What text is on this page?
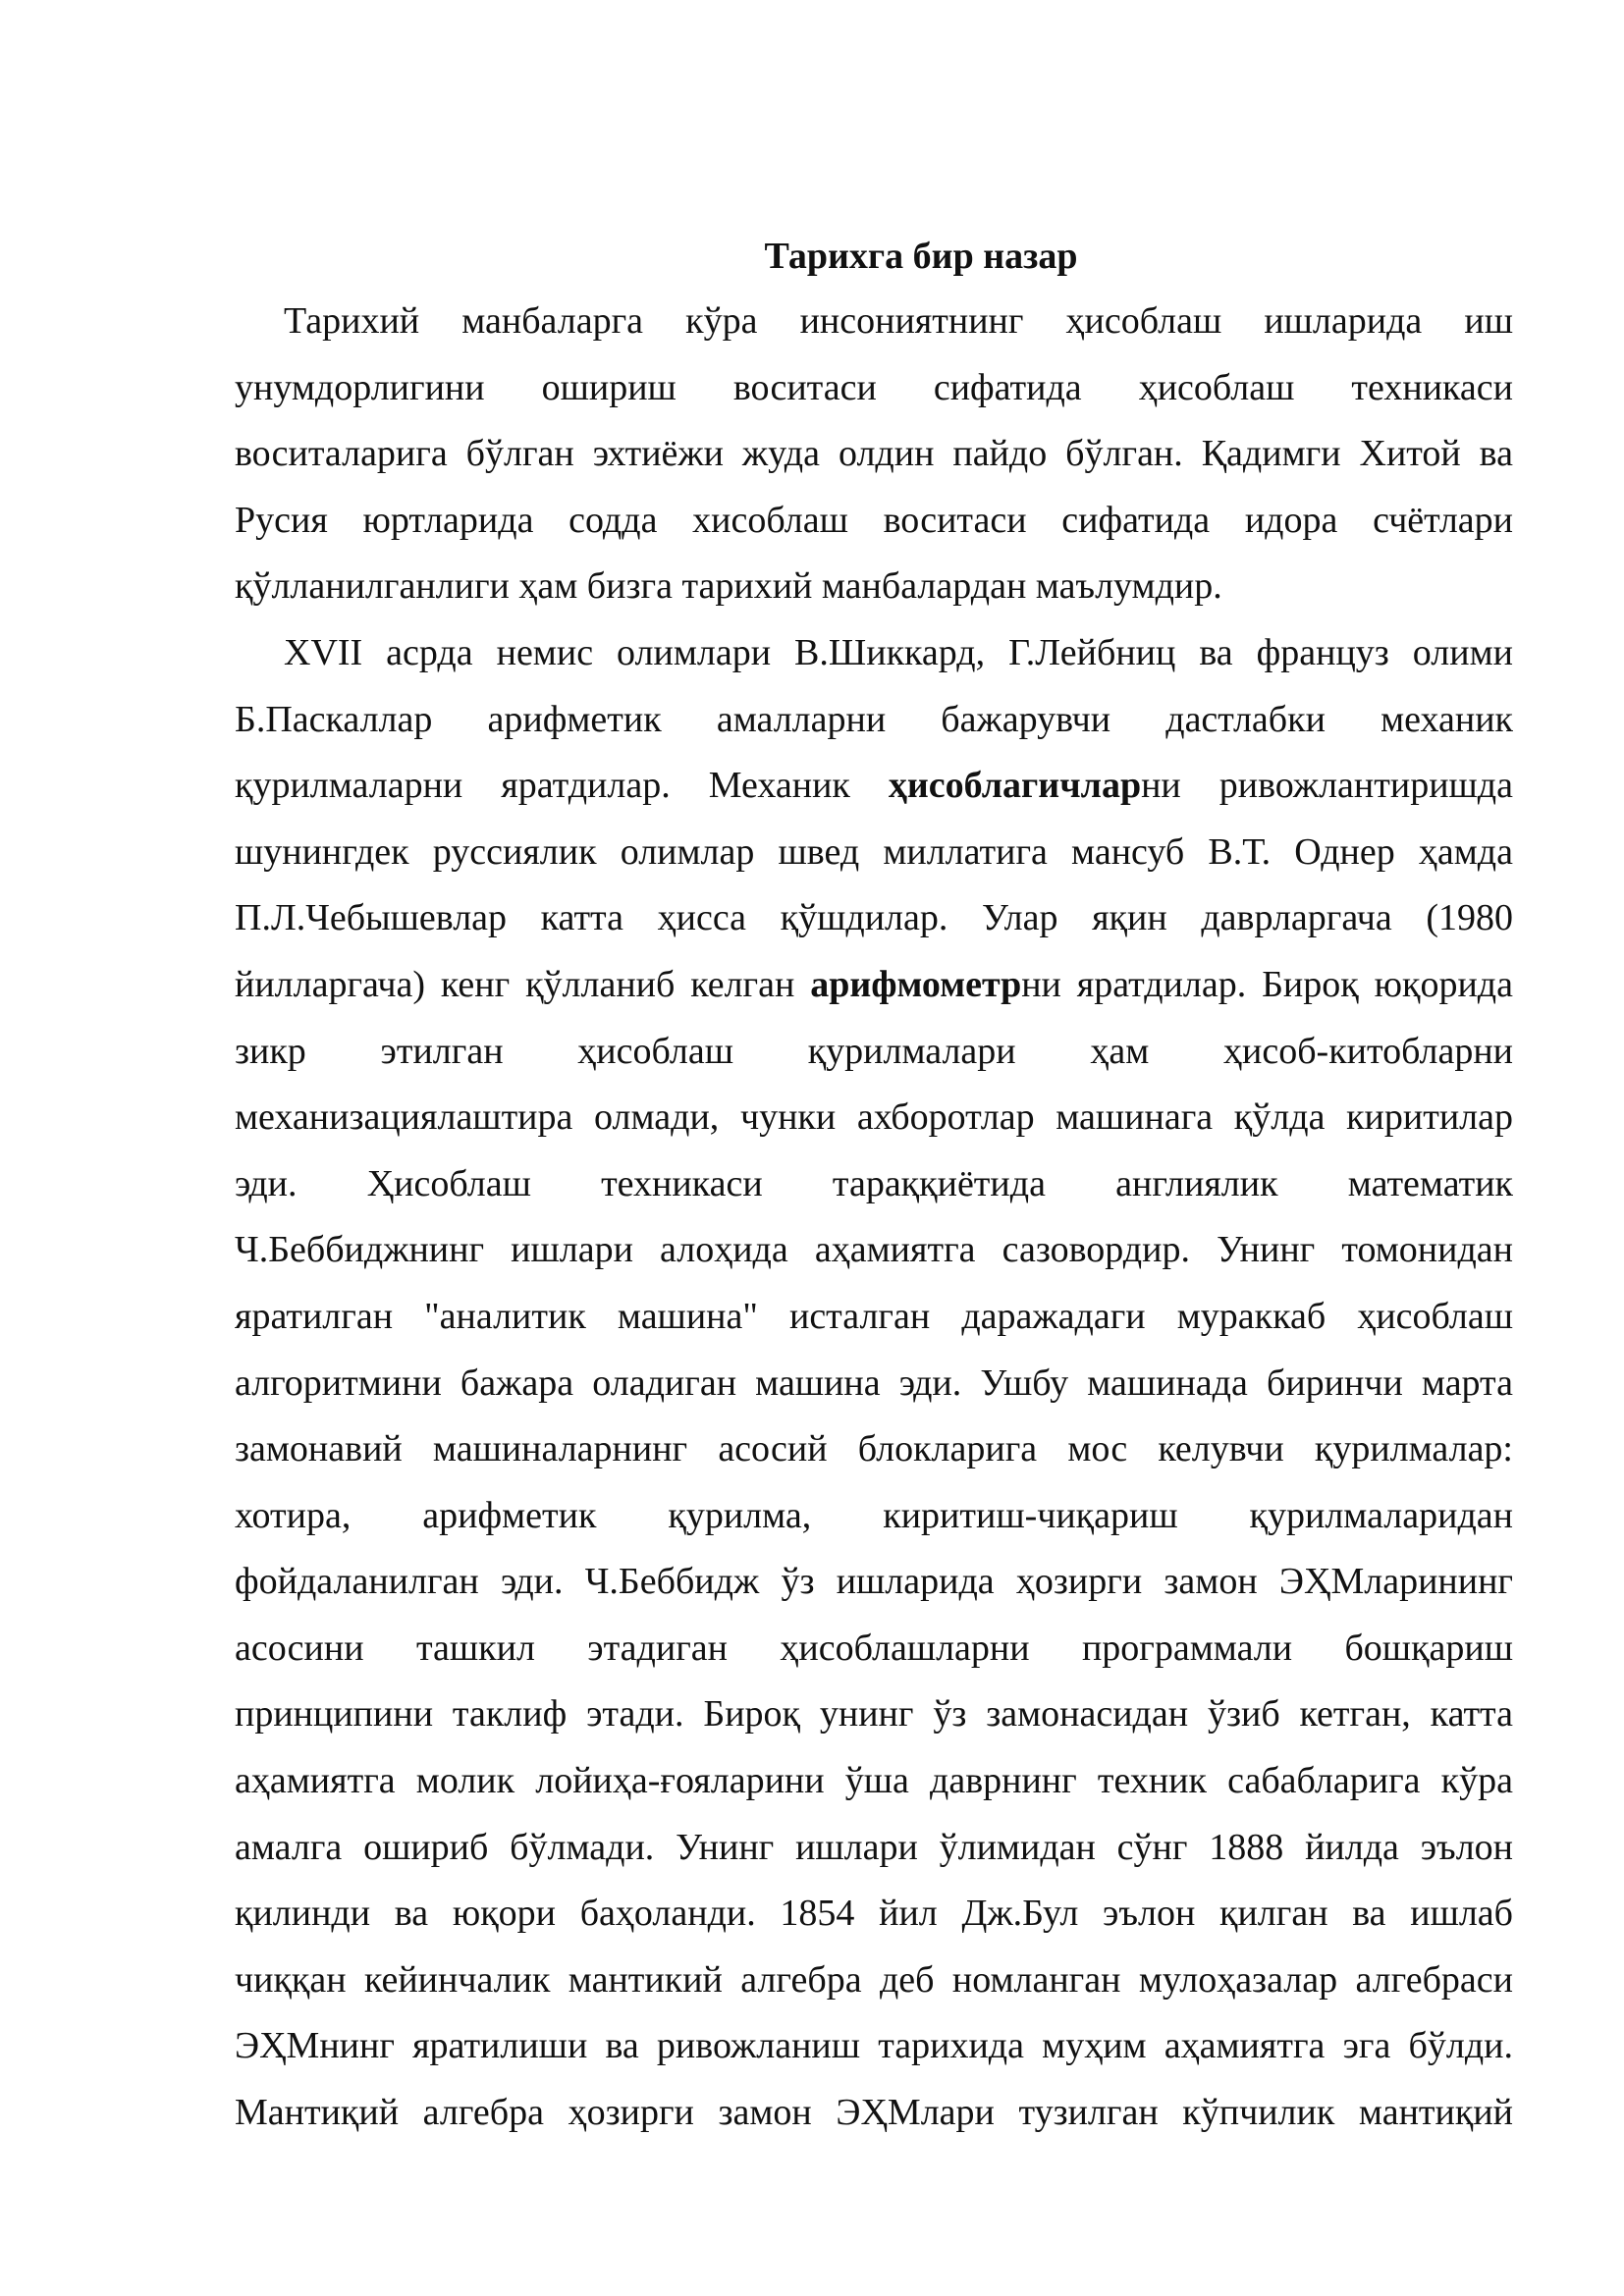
Тарихга бир назар
Тарихий манбаларга кўра инсониятнинг ҳисоблаш ишларида иш
унумдорлигини ошириш воситаси сифатида ҳисоблаш техникаси
воситаларига бўлган эхтиёжи жуда олдин пайдо бўлган. Қадимги Хитой ва
Русия юртларида содда хисоблаш воситаси сифатида идора счётлари
қўлланилганлиги ҳам бизга тарихий манбалардан маълумдир.
XVII асрда немис олимлари В.Шиккард, Г.Лейбниц ва француз олими
Б.Паскаллар арифметик амалларни бажарувчи дастлабки механик
қурилмаларни яратдилар. Механик ҳисоблагичларни ривожлантиришда
шунингдек руссиялик олимлар швед миллатига мансуб В.Т. Однер ҳамда
П.Л.Чебышевлар катта ҳисса қўшдилар. Улар яқин даврларгача (1980
йилларгача) кенг қўлланиб келган арифмометрни яратдилар. Бироқ юқорида
зикр этилган ҳисоблаш қурилмалари ҳам ҳисоб-китобларни
механизациялаштира олмади, чунки ахборотлар машинага қўлда киритилар
эди. Ҳисоблаш техникаси тараққиётида англиялик математик
Ч.Беббиджнинг ишлари алоҳида аҳамиятга сазовордир. Унинг томонидан
яратилган "аналитик машина" исталган даражадаги мураккаб ҳисоблаш
алгоритмини бажара оладиган машина эди. Ушбу машинада биринчи марта
замонавий машиналарнинг асосий блокларига мос келувчи қурилмалар:
хотира, арифметик қурилма, киритиш-чиқариш қурилмаларидан
фойдаланилган эди. Ч.Беббидж ўз ишларида ҳозирги замон ЭҲМларининг
асосини ташкил этадиган ҳисоблашларни программали бошқариш
принципини таклиф этади. Бироқ унинг ўз замонасидан ўзиб кетган, катта
аҳамиятга молик лойиҳа-ғояларини ўша даврнинг техник сабабларига кўра
амалга ошириб бўлмади. Унинг ишлари ўлимидан сўнг 1888 йилда эълон
қилинди ва юқори баҳоланди. 1854 йил Дж.Бул эълон қилган ва ишлаб
чиққан кейинчалик мантикий алгебра деб номланган мулоҳазалар алгебраси
ЭҲМнинг яратилиши ва ривожланиш тарихида муҳим аҳамиятга эга бўлди.
Мантиқий алгебра ҳозирги замон ЭҲМлари тузилган кўпчилик мантиқий
